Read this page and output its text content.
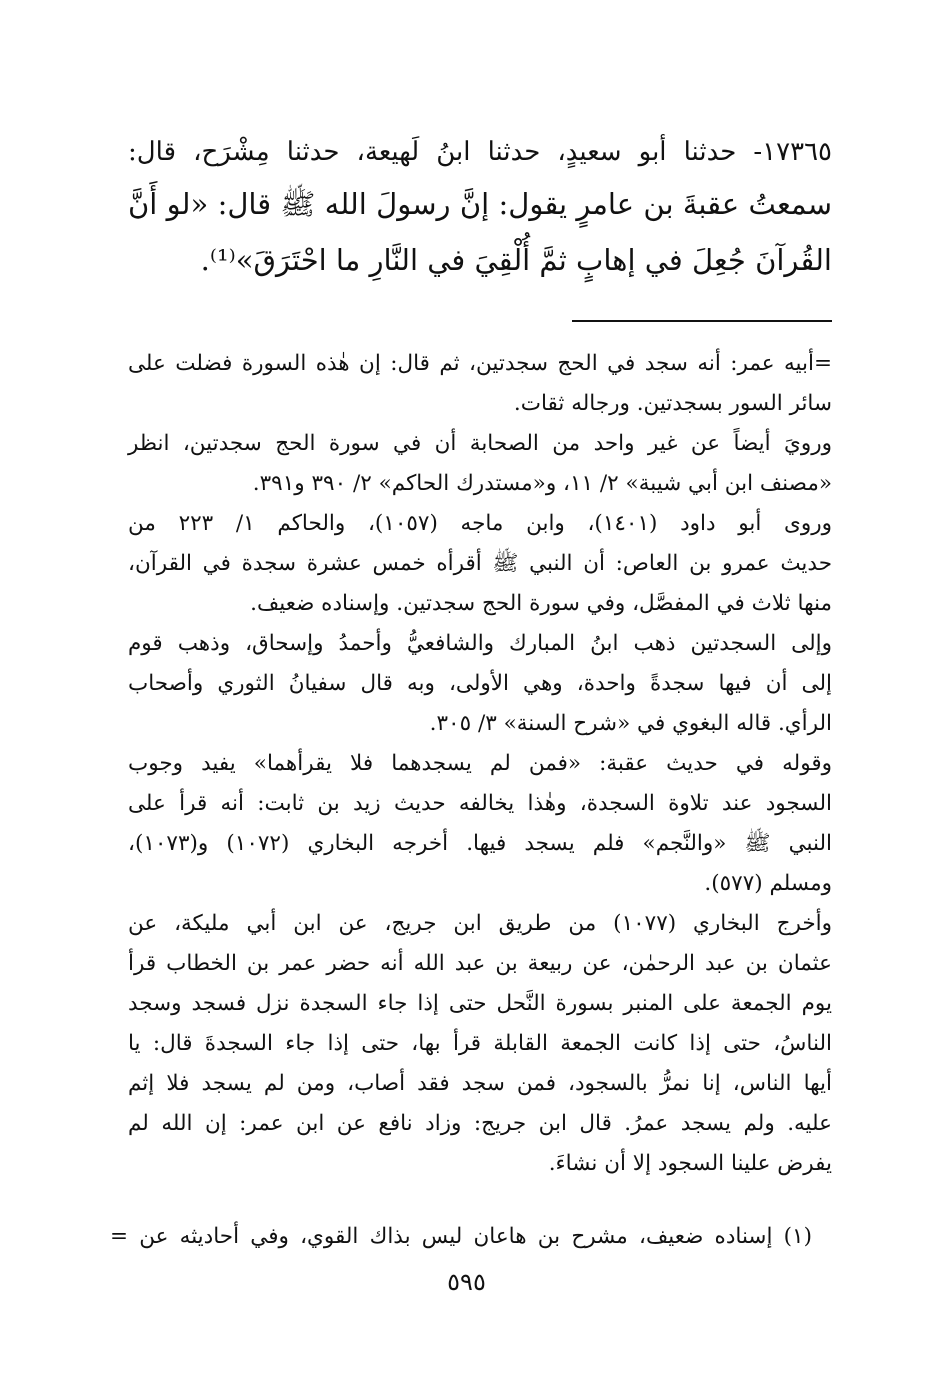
١٧٣٦٥- حدثنا أبو سعيدٍ، حدثنا ابنُ لَهيعة، حدثنا مِشْرَح، قال:
سمعتُ عقبةَ بن عامرٍ يقول: إنَّ رسولَ الله ﷺ قال: «لو أَنَّ
القُرآنَ جُعِلَ في إهابٍ ثمَّ أُلْقِيَ في النَّارِ ما احْتَرَقَ»⁽¹⁾.
=أبيه عمر: أنه سجد في الحج سجدتين، ثم قال: إن هٰذه السورة فضلت على
سائر السور بسجدتين. ورجاله ثقات.
ورويَ أيضاً عن غير واحد من الصحابة أن في سورة الحج سجدتين، انظر
«مصنف ابن أبي شيبة» ٢/ ١١، و«مستدرك الحاكم» ٢/ ٣٩٠ و٣٩١.
وروى أبو داود (١٤٠١)، وابن ماجه (١٠٥٧)، والحاكم ١/ ٢٢٣ من
حديث عمرو بن العاص: أن النبي ﷺ أقرأه خمس عشرة سجدة في القرآن،
منها ثلاث في المفصَّل، وفي سورة الحج سجدتين. وإسناده ضعيف.
وإلى السجدتين ذهب ابنُ المبارك والشافعيُّ وأحمدُ وإسحاق، وذهب قوم
إلى أن فيها سجدةً واحدة، وهي الأولى، وبه قال سفيانُ الثوري وأصحاب
الرأي. قاله البغوي في «شرح السنة» ٣/ ٣٠٥.
وقوله في حديث عقبة: «فمن لم يسجدهما فلا يقرأهما» يفيد وجوب
السجود عند تلاوة السجدة، وهٰذا يخالفه حديث زيد بن ثابت: أنه قرأ على
النبي ﷺ «والنَّجم» فلم يسجد فيها. أخرجه البخاري (١٠٧٢) و(١٠٧٣)،
ومسلم (٥٧٧).
وأخرج البخاري (١٠٧٧) من طريق ابن جريج، عن ابن أبي مليكة، عن
عثمان بن عبد الرحمٰن، عن ربيعة بن عبد الله أنه حضر عمر بن الخطاب قرأ
يوم الجمعة على المنبر بسورة النَّحل حتى إذا جاء السجدة نزل فسجد وسجد
الناسُ، حتى إذا كانت الجمعة القابلة قرأ بها، حتى إذا جاء السجدةَ قال: يا
أيها الناس، إنا نمرُّ بالسجود، فمن سجد فقد أصاب، ومن لم يسجد فلا إثم
عليه. ولم يسجد عمرُ. قال ابن جريج: وزاد نافع عن ابن عمر: إن الله لم
يفرض علينا السجود إلا أن نشاءَ.
(١) إسناده ضعيف، مشرح بن هاعان ليس بذاك القوي، وفي أحاديثه عن =
٥٩٥
